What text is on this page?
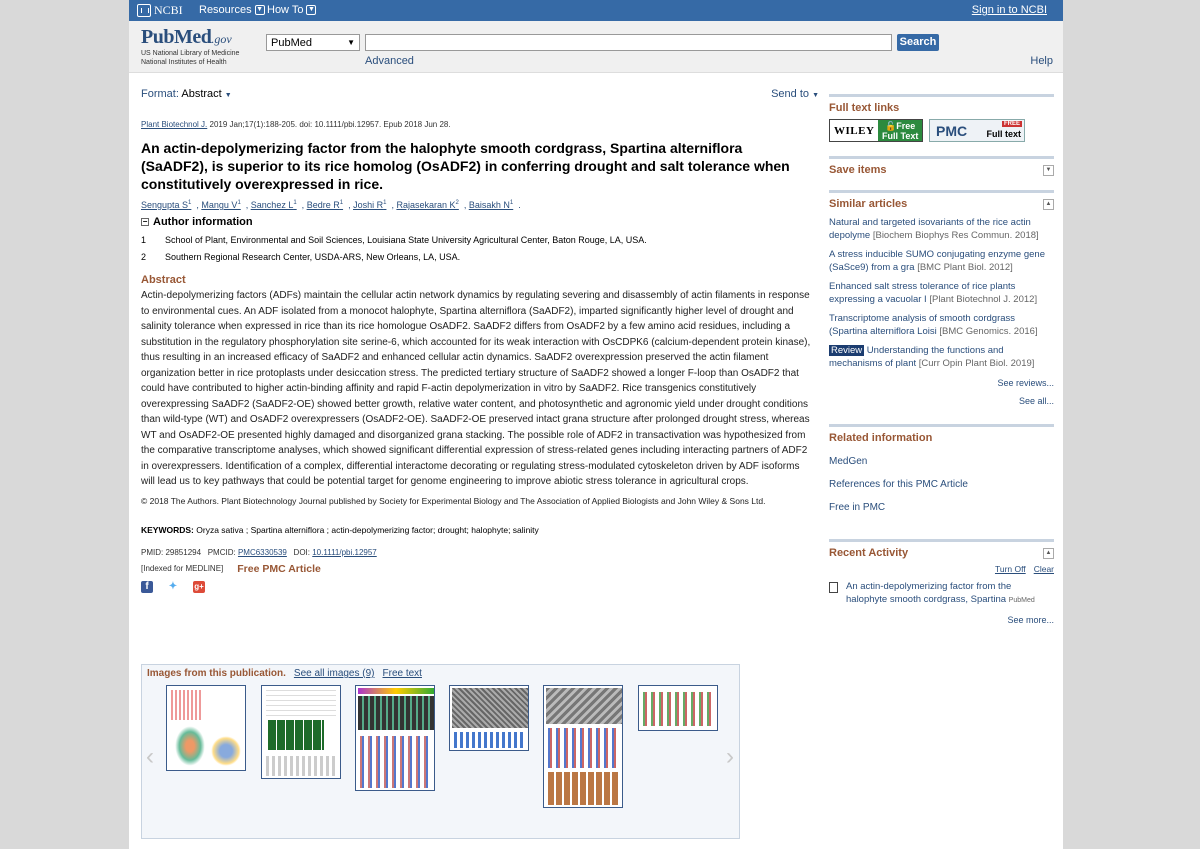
NCBI Resources ▼ How To ▼	Sign in to NCBI
PubMed.gov
US National Library of Medicine
National Institutes of Health
PubMed	▼	Search
Advanced	Help
Format: Abstract ▼	Send to ▼
Plant Biotechnol J. 2019 Jan;17(1):188-205. doi: 10.1111/pbi.12957. Epub 2018 Jun 28.
An actin-depolymerizing factor from the halophyte smooth cordgrass, Spartina alterniflora (SaADF2), is superior to its rice homolog (OsADF2) in conferring drought and salt tolerance when constitutively overexpressed in rice.
Sengupta $S^1$ , Mangu $V^1$ , Sanchez $L^1$ , Bedre $R^1$ , Joshi $R^1$ , Rajasekaran $K^2$ , Baisakh $N^1$ .
− Author information
1	School of Plant, Environmental and Soil Sciences, Louisiana State University Agricultural Center, Baton Rouge, LA, USA.
2	Southern Regional Research Center, USDA-ARS, New Orleans, LA, USA.
Abstract
Actin-depolymerizing factors (ADFs) maintain the cellular actin network dynamics by regulating severing and disassembly of actin filaments in response to environmental cues. An ADF isolated from a monocot halophyte, Spartina alterniflora (SaADF2), imparted significantly higher level of drought and salinity tolerance when expressed in rice than its rice homologue OsADF2. SaADF2 differs from OsADF2 by a few amino acid residues, including a substitution in the regulatory phosphorylation site serine-6, which accounted for its weak interaction with OsCDPK6 (calcium-dependent protein kinase), thus resulting in an increased efficacy of SaADF2 and enhanced cellular actin dynamics. SaADF2 overexpression preserved the actin filament organization better in rice protoplasts under desiccation stress. The predicted tertiary structure of SaADF2 showed a longer F-loop than OsADF2 that could have contributed to higher actin-binding affinity and rapid F-actin depolymerization in vitro by SaADF2. Rice transgenics constitutively overexpressing SaADF2 (SaADF2-OE) showed better growth, relative water content, and photosynthetic and agronomic yield under drought conditions than wild-type (WT) and OsADF2 overexpressers (OsADF2-OE). SaADF2-OE preserved intact grana structure after prolonged drought stress, whereas WT and OsADF2-OE presented highly damaged and disorganized grana stacking. The possible role of ADF2 in transactivation was hypothesized from the comparative transcriptome analyses, which showed significant differential expression of stress-related genes including interacting partners of ADF2 in overexpressers. Identification of a complex, differential interactome decorating or regulating stress-modulated cytoskeleton driven by ADF isoforms will lead us to key pathways that could be potential target for genome engineering to improve abiotic stress tolerance in agricultural crops.
© 2018 The Authors. Plant Biotechnology Journal published by Society for Experimental Biology and The Association of Applied Biologists and John Wiley & Sons Ltd.
KEYWORDS: Oryza sativa ; Spartina alterniflora ; actin-depolymerizing factor; drought; halophyte; salinity
PMID: 29851294 PMCID: PMC6330539 DOI: 10.1111/pbi.12957
[Indexed for MEDLINE] Free PMC Article
f	✦ g+
Images from this publication. See all images (9) Free text
‹	›
Full text links
WILEY	🔓Free
Full Text	PMC	FREE
Full text
Save items	▼
Similar articles	▲
Natural and targeted isovariants of the rice actin depolyme [Biochem Biophys Res Commun. 2018]
A stress inducible SUMO conjugating enzyme gene (SaSce9) from a gra [BMC Plant Biol. 2012]
Enhanced salt stress tolerance of rice plants expressing a vacuolar I [Plant Biotechnol J. 2012]
Transcriptome analysis of smooth cordgrass (Spartina alterniflora Loisi [BMC Genomics. 2016]
Review Understanding the functions and mechanisms of plant [Curr Opin Plant Biol. 2019]
See reviews...
See all...
Related information
MedGen
References for this PMC Article
Free in PMC
Recent Activity	▲
Turn Off Clear
An actin-depolymerizing factor from the halophyte smooth cordgrass, Spartina PubMed
See more...
